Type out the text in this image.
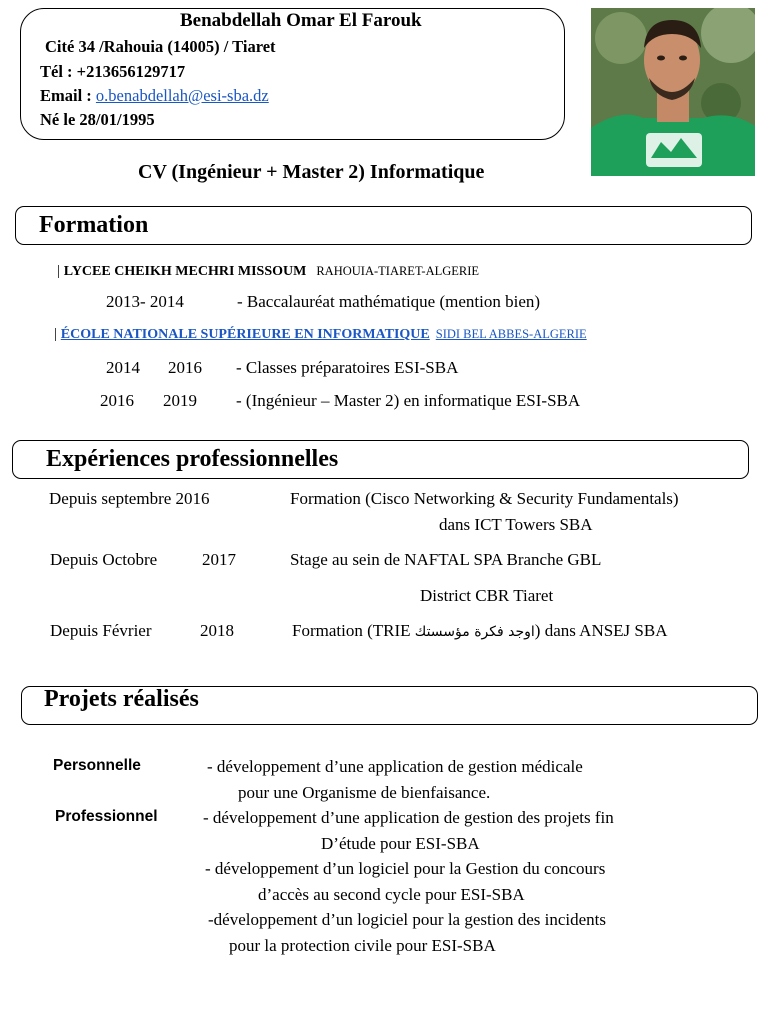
Benabdellah Omar El Farouk
Cité 34 /Rahouia (14005) / Tiaret
Tél : +213656129717
Email : o.benabdellah@esi-sba.dz
Né le 28/01/1995
CV (Ingénieur + Master 2) Informatique
Formation
| LYCEE CHEIKH MECHRI MISSOUM RAHOUIA-TIARET-ALGERIE
2013- 2014	- Baccalauréat mathématique (mention bien)
| ÉCOLE NATIONALE SUPÉRIEURE EN INFORMATIQUE SIDI BEL ABBES-ALGERIE
2014 2016 - Classes préparatoires ESI-SBA
2016 2019 - (Ingénieur – Master 2) en informatique ESI-SBA
Expériences professionnelles
Depuis septembre 2016	Formation (Cisco Networking & Security Fundamentals)
dans ICT Towers SBA
Depuis Octobre	2017	Stage au sein de NAFTAL SPA Branche GBL
District CBR Tiaret
Depuis Février	2018	Formation (TRIE اوجد فكرة مؤسستك) dans ANSEJ SBA
Projets réalisés
Personnelle	- développement d’une application de gestion médicale
pour une Organisme de bienfaisance.
Professionnel	- développement d’une application de gestion des projets fin
D’étude pour ESI-SBA
- développement d’un logiciel pour la Gestion du concours
d’accès au second cycle pour ESI-SBA
-développement d’un logiciel pour la gestion des incidents
pour la protection civile pour ESI-SBA
